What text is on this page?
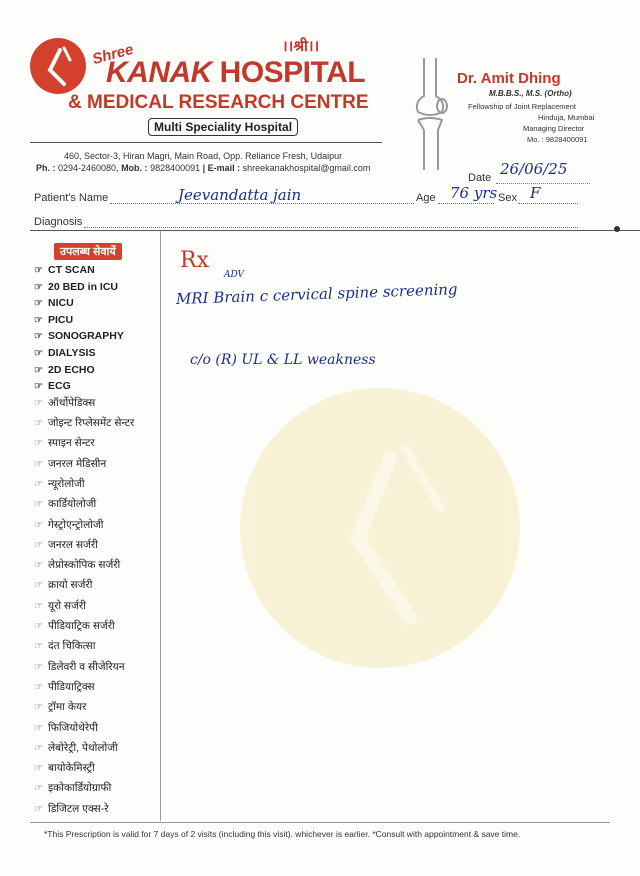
।।श्री।।
Shree
KANAK HOSPITAL
& MEDICAL RESEARCH CENTRE
Multi Speciality Hospital
460, Sector-3, Hiran Magri, Main Road, Opp. Reliance Fresh, Udaipur
Ph. : 0294-2460080, Mob. : 9828400091 | E-mail : shreekanakhospital@gmail.com
Dr. Amit Dhing
M.B.B.S., M.S. (Ortho)
Fellowship of Joint Replacement
Hinduja, Mumbai
Managing Director
Mo. : 9828400091
Date 26/06/25
Patient's Name	Jeevandatta jain	Age 76 yrs Sex F
Diagnosis
उपलब्ध सेवायें
☞ CT SCAN
☞ 20 BED in ICU
☞ NICU
☞ PICU
☞ SONOGRAPHY
☞ DIALYSIS
☞ 2D ECHO
☞ ECG
☞ ऑर्थोपेडिक्स
☞ जोइन्ट रिप्लेसमेंट सेन्टर
☞ स्पाइन सेन्टर
☞ जनरल मेडिसीन
☞ न्यूरोलोजी
☞ कार्डियोलोजी
☞ गेस्ट्रोएन्ट्रोलोजी
☞ जनरल सर्जरी
☞ लेप्रोस्कोपिक सर्जरी
☞ क्रायो सर्जरी
☞ यूरो सर्जरी
☞ पीडियाट्रिक सर्जरी
☞ दंत चिकित्सा
☞ डिलेवरी व सीजेरियन
☞ पीडियाट्रिक्स
☞ ट्रॉमा केयर
☞ फिजियोथेरेपी
☞ लेबोरेट्री, पेथोलोजी
☞ बायोकेमिस्ट्री
☞ इकोकार्डियोग्राफी
☞ डिजिटल एक्स-रे
Rx
ADV
MRI Brain c cervical spine screening
c/o (R) UL & LL weakness
*This Prescription is valid for 7 days of 2 visits (including this visit). whichever is earlier. *Consult with appointment & save time.
